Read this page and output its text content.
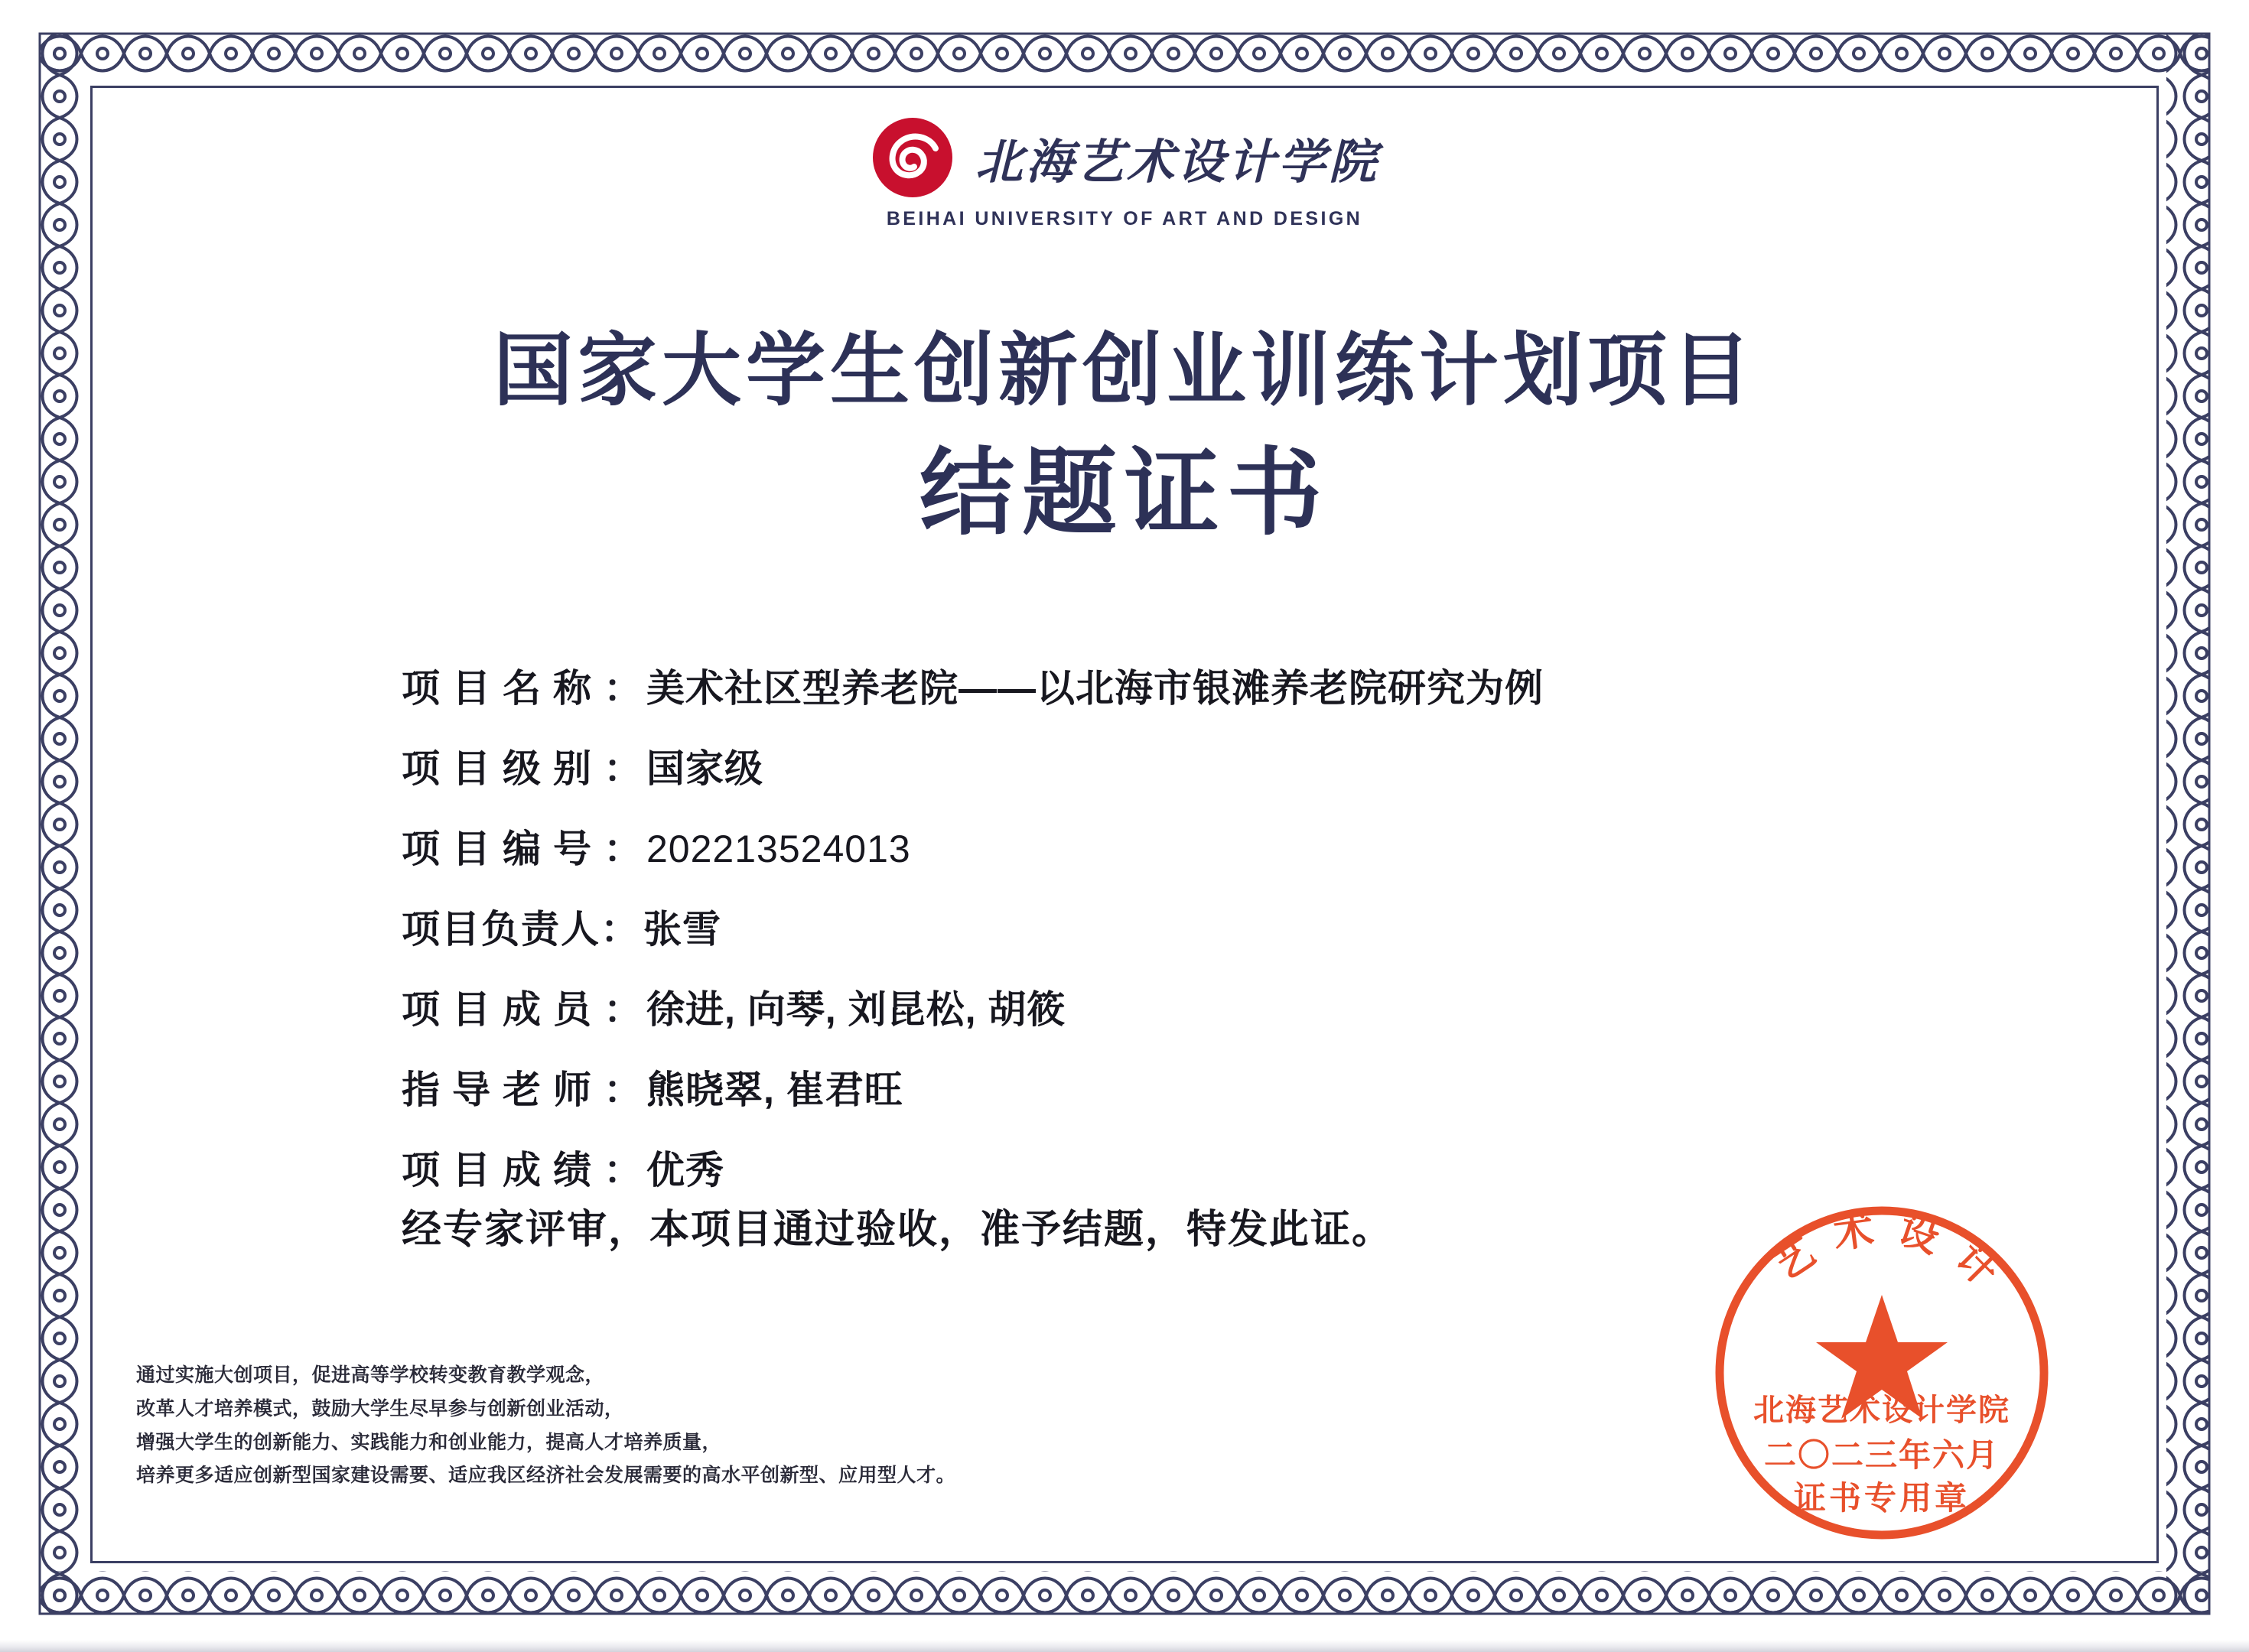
北海艺术设计学院
BEIHAI UNIVERSITY OF ART AND DESIGN
国家大学生创新创业训练计划项目
结题证书
项目名称 ： 美术社区型养老院——以北海市银滩养老院研究为例
项目级别 ： 国家级
项目编号 ： 202213524013
项目负责人 ： 张雪
项目成员 ： 徐进, 向琴, 刘昆松, 胡筱
指导老师 ： 熊晓翠, 崔君旺
项目成绩 ： 优秀
经专家评审，本项目通过验收，准予结题，特发此证。
通过实施大创项目，促进高等学校转变教育教学观念，
改革人才培养模式，鼓励大学生尽早参与创新创业活动，
增强大学生的创新能力、实践能力和创业能力，提高人才培养质量，
培养更多适应创新型国家建设需要、适应我区经济社会发展需要的高水平创新型、应用型人才。
艺术设计
北海艺术设计学院
二〇二三年六月
证书专用章
